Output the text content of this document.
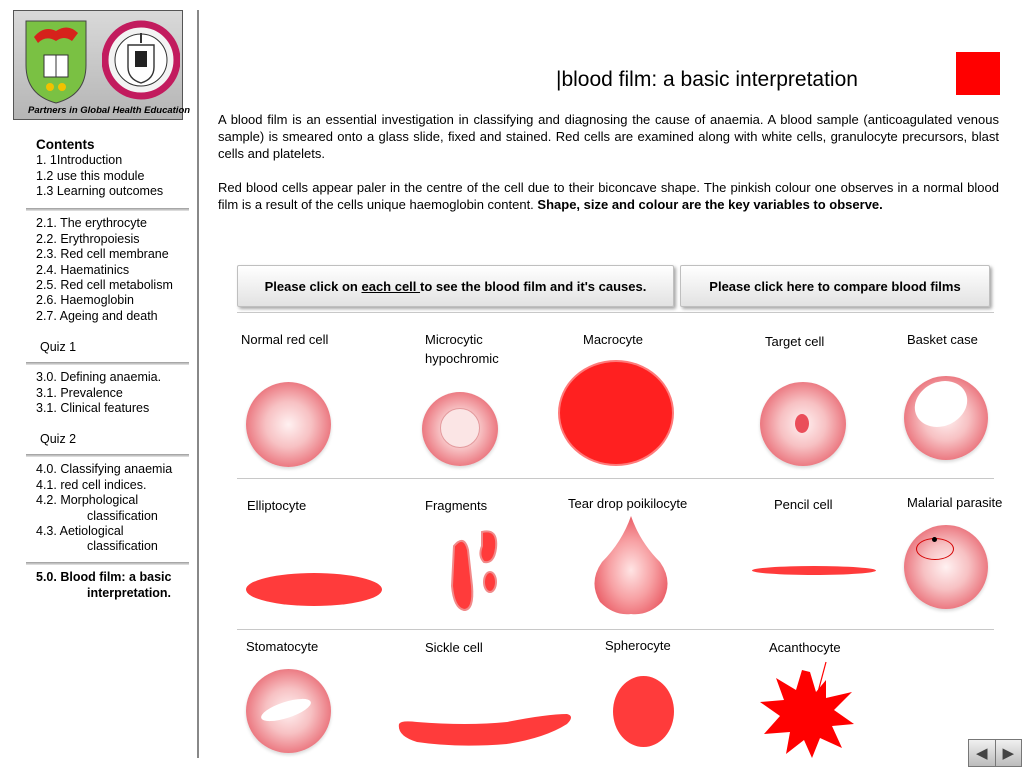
Partners in Global Health Education
Contents
1. 1Introduction
1.2 use this module
1.3 Learning outcomes
2.1. The erythrocyte
2.2. Erythropoiesis
2.3. Red cell membrane
2.4. Haematinics
2.5. Red cell metabolism
2.6. Haemoglobin
2.7. Ageing and death
Quiz 1
3.0. Defining anaemia.
3.1. Prevalence
3.1. Clinical features
Quiz 2
4.0. Classifying anaemia
4.1. red cell indices.
4.2. Morphological
classification
4.3. Aetiological
classification
5.0. Blood film: a basic
interpretation.
|blood film: a basic interpretation
A blood film is an essential investigation in classifying and diagnosing the cause of anaemia. A blood sample (anticoagulated venous sample) is smeared onto a glass slide, fixed and stained. Red cells are examined along with white cells, granulocyte precursors, blast cells and platelets.
Red blood cells appear paler in the centre of the cell due to their biconcave shape. The pinkish colour one observes in a normal blood film is a result of the cells unique haemoglobin content. Shape, size and colour are the key variables to observe.
Please click on each cell to see the blood film and it's causes.	Please click here to compare blood films
Normal red cell	Microcytic
hypochromic
Macrocyte	Target cell	Basket case
Elliptocyte	Fragments	Tear drop poikilocyte	Pencil cell	Malarial parasite
Stomatocyte	Sickle cell	Spherocyte	Acanthocyte
◀ ▶
